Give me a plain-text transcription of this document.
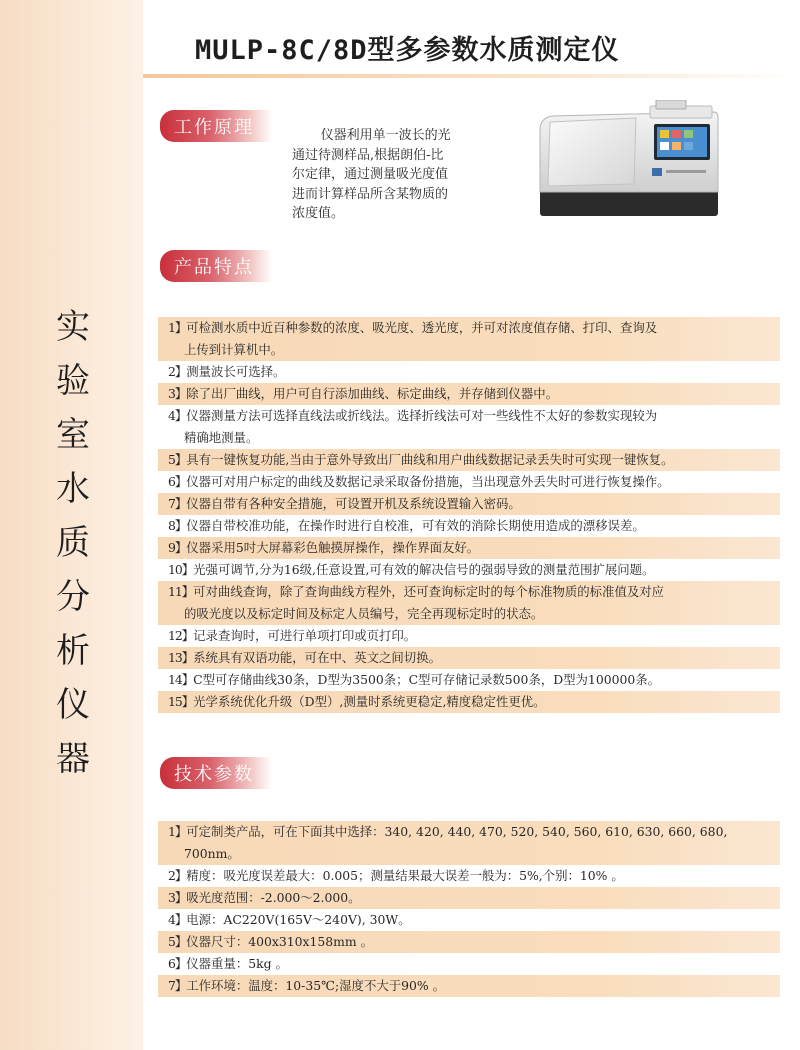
实
验
室
水
质
分
析
仪
器
MULP-8C/8D型多参数水质测定仪
工作原理	仪器利用单一波长的光

通过待测样品,根据朗伯-比
尔定律，通过测量吸光度值
进而计算样品所含某物质的
浓度值。
产品特点
1】可检测水质中近百种参数的浓度、吸光度、透光度，并可对浓度值存储、打印、查询及
上传到计算机中。
2】测量波长可选择。
3】除了出厂曲线，用户可自行添加曲线、标定曲线，并存储到仪器中。
4】仪器测量方法可选择直线法或折线法。选择折线法可对一些线性不太好的参数实现较为
精确地测量。
5】具有一键恢复功能,当由于意外导致出厂曲线和用户曲线数据记录丢失时可实现一键恢复。
6】仪器可对用户标定的曲线及数据记录采取备份措施，当出现意外丢失时可进行恢复操作。
7】仪器自带有各种安全措施，可设置开机及系统设置输入密码。
8】仪器自带校准功能，在操作时进行自校准，可有效的消除长期使用造成的漂移误差。
9】仪器采用5吋大屏幕彩色触摸屏操作，操作界面友好。
10】光强可调节,分为16级,任意设置,可有效的解决信号的强弱导致的测量范围扩展问题。
11】可对曲线查询，除了查询曲线方程外，还可查询标定时的每个标准物质的标准值及对应
的吸光度以及标定时间及标定人员编号，完全再现标定时的状态。
12】记录查询时，可进行单项打印或页打印。
13】系统具有双语功能，可在中、英文之间切换。
14】C型可存储曲线30条，D型为3500条；C型可存储记录数500条，D型为100000条。
15】光学系统优化升级（D型）,测量时系统更稳定,精度稳定性更优。
技术参数
1】可定制类产品，可在下面其中选择：340, 420, 440, 470, 520, 540, 560, 610, 630, 660, 680,
700nm。
2】精度：吸光度误差最大：0.005；测量结果最大误差一般为：5%,个别：10% 。
3】吸光度范围：-2.000～2.000。
4】电源：AC220V(165V～240V), 30W。
5】仪器尺寸：400x310x158mm 。
6】仪器重量：5kg 。
7】工作环境：温度：10-35℃;湿度不大于90% 。
